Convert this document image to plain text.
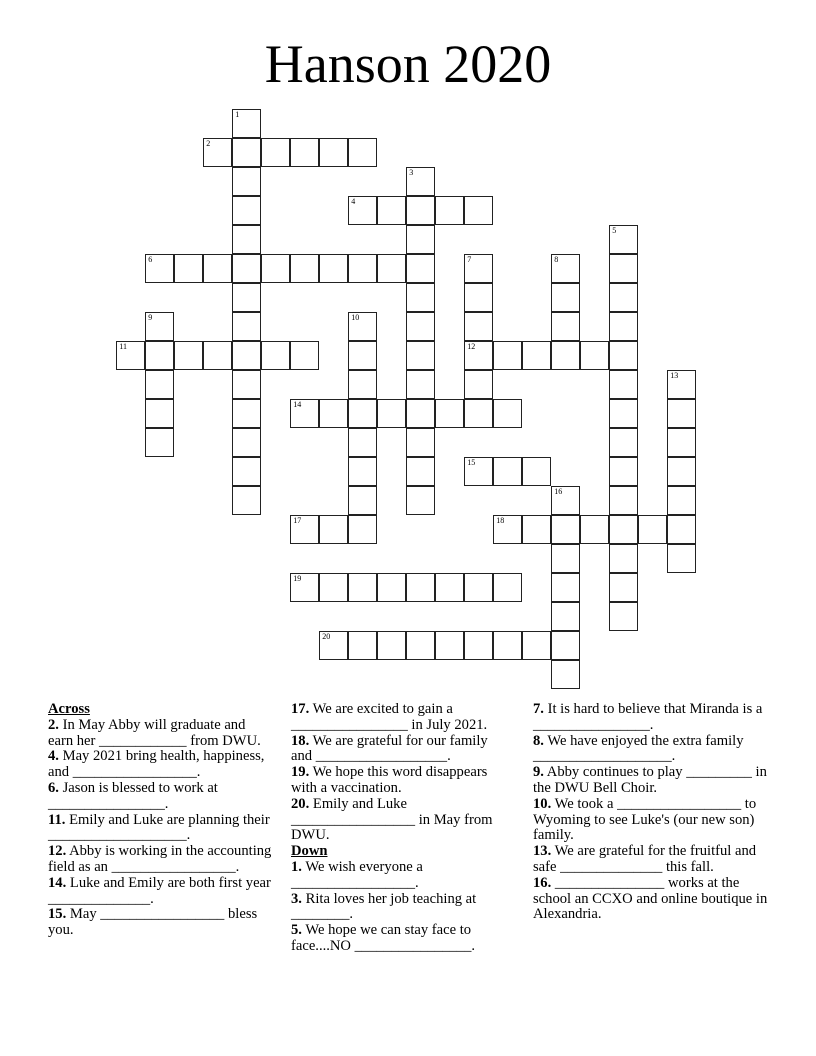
Hanson 2020
1
2
3
4
5
6	7
12
8
9	10
11
13
14
15
16
17	18
19
20
Across
2. In May Abby will graduate and earn her ____________ from DWU.
4. May 2021 bring health, happiness, and _________________.
6. Jason is blessed to work at ________________.
11. Emily and Luke are planning their ___________________.
12. Abby is working in the accounting field as an _________________.
14. Luke and Emily are both first year ______________.
15. May _________________ bless you.
17. We are excited to gain a ________________ in July 2021.
18. We are grateful for our family and __________________.
19. We hope this word disappears with a vaccination.
20. Emily and Luke _________________ in May from DWU.
Down
1. We wish everyone a _________________.
3. Rita loves her job teaching at ________.
5. We hope we can stay face to face....NO ________________.
7. It is hard to believe that Miranda is a ________________.
8. We have enjoyed the extra family ___________________.
9. Abby continues to play _________ in the DWU Bell Choir.
10. We took a _________________ to Wyoming to see Luke's (our new son) family.
13. We are grateful for the fruitful and safe ______________ this fall.
16. _______________ works at the school an CCXO and online boutique in Alexandria.
